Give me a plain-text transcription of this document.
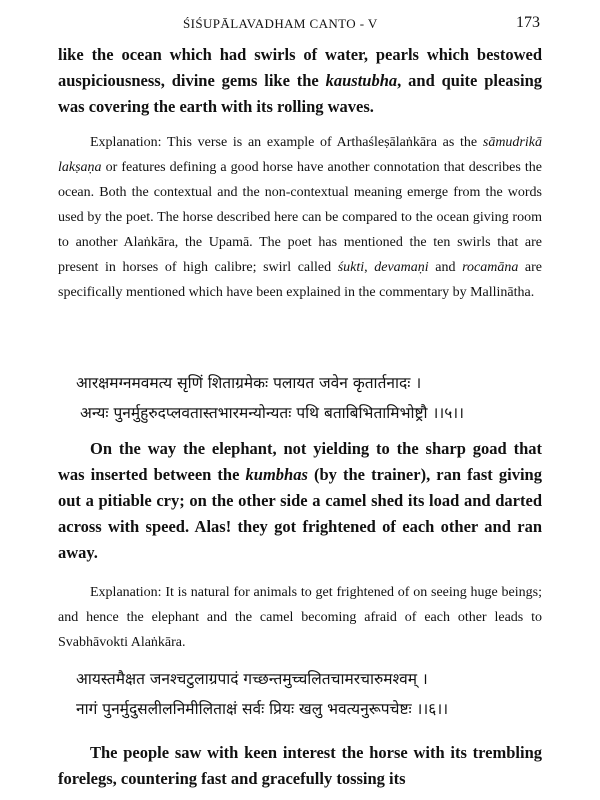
ŚIŚUPĀLAVADHAM CANTO - V	173

like the ocean which had swirls of water, pearls which bestowed auspiciousness, divine gems like the kaustubha, and quite pleasing was covering the earth with its rolling waves.

Explanation: This verse is an example of Arthaśleṣālaṅkāra as the sāmudrikā lakṣaṇa or features defining a good horse have another connotation that describes the ocean. Both the contextual and the non-contextual meaning emerge from the words used by the poet. The horse described here can be compared to the ocean giving room to another Alaṅkāra, the Upamā. The poet has mentioned the ten swirls that are present in horses of high calibre; swirl called śukti, devamaṇi and rocamāna are specifically mentioned which have been explained in the commentary by Mallinātha.

आरक्षमग्नमवमत्य सृणिं शिताग्रमेकः पलायत जवेन कृतार्तनादः ।
अन्यः पुनर्मुहुरुदप्लवतास्तभारमन्योन्यतः पथि बताबिभितामिभोष्ट्रौ ।।५।।

On the way the elephant, not yielding to the sharp goad that was inserted between the kumbhas (by the trainer), ran fast giving out a pitiable cry; on the other side a camel shed its load and darted across with speed. Alas! they got frightened of each other and ran away.

Explanation: It is natural for animals to get frightened of on seeing huge beings; and hence the elephant and the camel becoming afraid of each other leads to Svabhāvokti Alaṅkāra.

आयस्तमैक्षत जनश्चटुलाग्रपादं गच्छन्तमुच्चलितचामरचारुमश्वम् ।
नागं पुनर्मुदुसलीलनिमीलिताक्षं सर्वः प्रियः खलु भवत्यनुरूपचेष्टः ।।६।।

The people saw with keen interest the horse with its trembling forelegs, countering fast and gracefully tossing its
